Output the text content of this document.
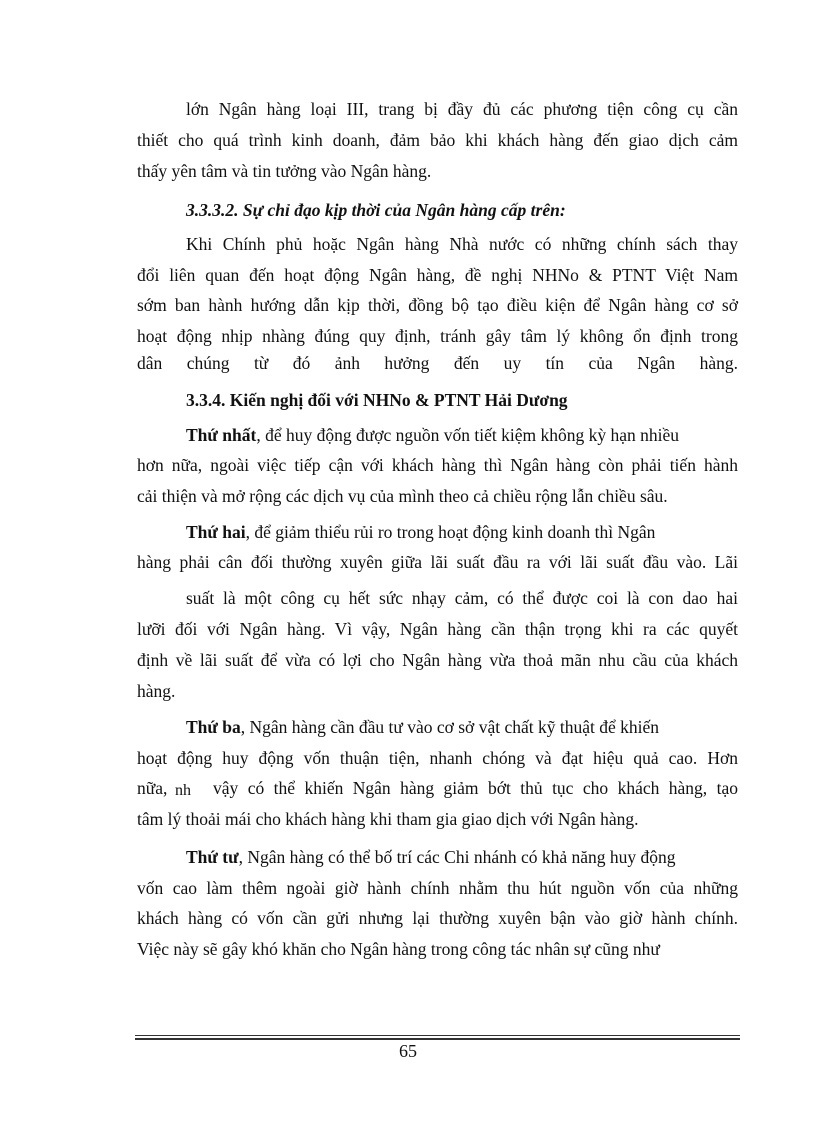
lớn Ngân hàng loại III, trang bị đầy đủ các phương tiện công cụ cần
thiết cho quá trình kinh doanh, đảm bảo khi khách hàng đến giao dịch cảm
thấy yên tâm và tin tưởng vào Ngân hàng.
3.3.3.2. Sự chỉ đạo kịp thời của Ngân hàng cấp trên:
Khi Chính phủ hoặc Ngân hàng Nhà nước có những chính sách thay
đổi liên quan đến hoạt động Ngân hàng, đề nghị NHNo & PTNT Việt Nam
sớm ban hành hướng dẫn kịp thời, đồng bộ tạo điều kiện để Ngân hàng cơ sở
hoạt động nhịp nhàng đúng quy định, tránh gây tâm lý không ổn định trong
dân chúng từ đó ảnh hưởng đến uy tín của Ngân hàng.
3.3.4. Kiến nghị đối với NHNo & PTNT Hải Dương
Thứ nhất, để huy động được nguồn vốn tiết kiệm không kỳ hạn nhiều
hơn nữa, ngoài việc tiếp cận với khách hàng thì Ngân hàng còn phải tiến hành
cải thiện và mở rộng các dịch vụ của mình theo cả chiều rộng lẫn chiều sâu.
Thứ hai, để giảm thiểu rủi ro trong hoạt động kinh doanh thì Ngân
hàng phải cân đối thường xuyên giữa lãi suất đầu ra với lãi suất đầu vào. Lãi
suất là một công cụ hết sức nhạy cảm, có thể được coi là con dao hai
lưỡi đối với Ngân hàng. Vì vậy, Ngân hàng cần thận trọng khi ra các quyết
định về lãi suất để vừa có lợi cho Ngân hàng vừa thoả mãn nhu cầu của khách
hàng.
Thứ ba, Ngân hàng cần đầu tư vào cơ sở vật chất kỹ thuật để khiến
hoạt động huy động vốn thuận tiện, nhanh chóng và đạt hiệu quả cao. Hơn
nữa, nh vậy có thể khiến Ngân hàng giảm bớt thủ tục cho khách hàng, tạo
tâm lý thoải mái cho khách hàng khi tham gia giao dịch với Ngân hàng.
Thứ tư, Ngân hàng có thể bố trí các Chi nhánh có khả năng huy động
vốn cao làm thêm ngoài giờ hành chính nhằm thu hút nguồn vốn của những
khách hàng có vốn cần gửi nhưng lại thường xuyên bận vào giờ hành chính.
Việc này sẽ gây khó khăn cho Ngân hàng trong công tác nhân sự cũng như
65
